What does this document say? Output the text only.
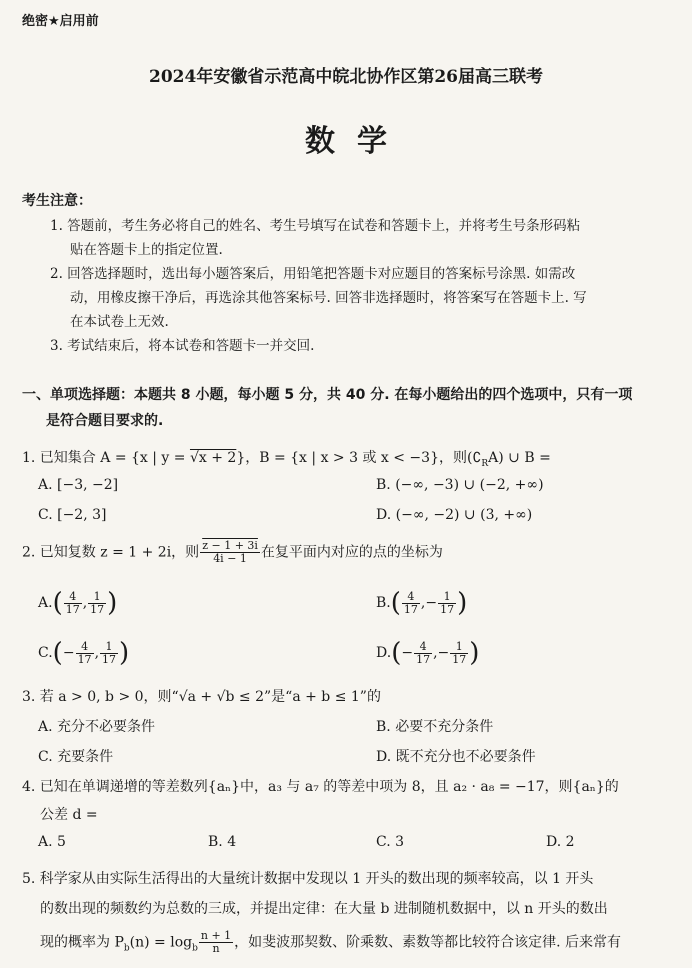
绝密★启用前
2024年安徽省示范高中皖北协作区第26届高三联考
数学
考生注意：
1. 答题前，考生务必将自己的姓名、考生号填写在试卷和答题卡上，并将考生号条形码粘
贴在答题卡上的指定位置.
2. 回答选择题时，选出每小题答案后，用铅笔把答题卡对应题目的答案标号涂黑. 如需改
动，用橡皮擦干净后，再选涂其他答案标号. 回答非选择题时，将答案写在答题卡上. 写
在本试卷上无效.
3. 考试结束后，将本试卷和答题卡一并交回.
一、单项选择题：本题共 8 小题，每小题 5 分，共 40 分. 在每小题给出的四个选项中，只有一项
是符合题目要求的.
1. 已知集合 A = {x | y = √x + 2}，B = {x | x > 3 或 x < −3}，则$(∁_RA)$ ∪ B =
A. [−3, −2]	B. (−∞, −3) ∪ (−2, +∞)
C. [−2, 3]	D. (−∞, −2) ∪ (3, +∞)
2. 已知复数 z = 1 + 2i，则 $\frac{z - 1 + 3i}{4i - 1}$ 在复平面内对应的点的坐标为
$A.( \frac{4}{17}$ , $\frac{1}{17}$ )	$B.( \frac{4}{17}$ ,− $\frac{1}{17}$ )
$C.(- \frac{4}{17}$ , $\frac{1}{17}$ )	$D.(- \frac{4}{17}$ ,− $\frac{1}{17}$ )
3. 若 a > 0, b > 0，则“√a + √b ≤ 2”是“a + b ≤ 1”的
A. 充分不必要条件	B. 必要不充分条件
C. 充要条件	D. 既不充分也不必要条件
4. 已知在单调递增的等差数列{aₙ}中，a₃ 与 a₇ 的等差中项为 8，且 a₂ · a₈ = −17，则{aₙ}的
公差 d =
A. 5	B. 4	C. 3	D. 2
5. 科学家从由实际生活得出的大量统计数据中发现以 1 开头的数出现的频率较高，以 1 开头
的数出现的频数约为总数的三成，并提出定律：在大量 b 进制随机数据中，以 n 开头的数出
现的概率为 $P_b(n) = \log_b \frac{n + 1}{n}$ ，如斐波那契数、阶乘数、素数等都比较符合该定律. 后来常有
